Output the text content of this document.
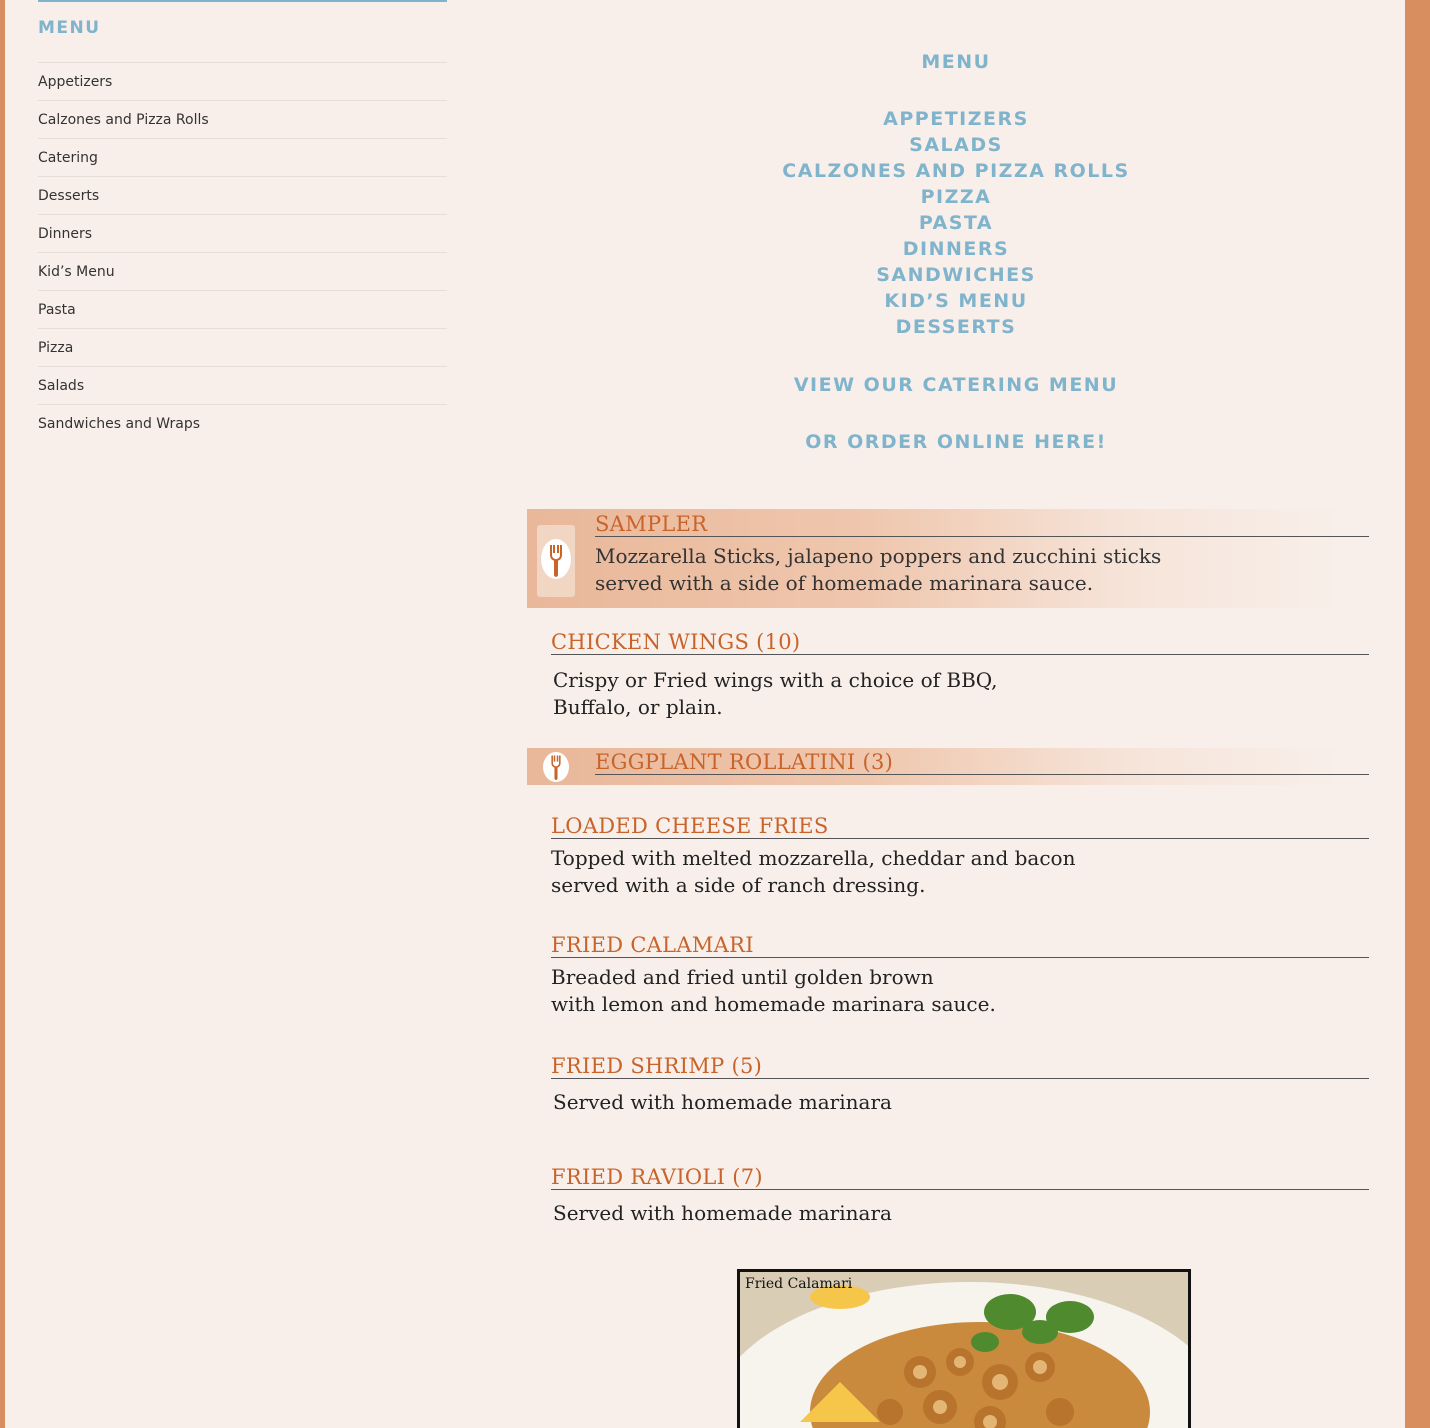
MENU
Appetizers
Calzones and Pizza Rolls
Catering
Desserts
Dinners
Kid’s Menu
Pasta
Pizza
Salads
Sandwiches and Wraps
MENU
APPETIZERS
SALADS
CALZONES AND PIZZA ROLLS
PIZZA
PASTA
DINNERS
SANDWICHES
KID’S MENU
DESSERTS
VIEW OUR CATERING MENU
OR ORDER ONLINE HERE!
SAMPLER
Mozzarella Sticks, jalapeno poppers and zucchini sticks
served with a side of homemade marinara sauce.
CHICKEN WINGS (10)
Crispy or Fried wings with a choice of BBQ,
Buffalo, or plain.
EGGPLANT ROLLATINI (3)
LOADED CHEESE FRIES
Topped with melted mozzarella, cheddar and bacon
served with a side of ranch dressing.
FRIED CALAMARI
Breaded and fried until golden brown
with lemon and homemade marinara sauce.
FRIED SHRIMP (5)
Served with homemade marinara
FRIED RAVIOLI (7)
Served with homemade marinara
Fried Calamari
